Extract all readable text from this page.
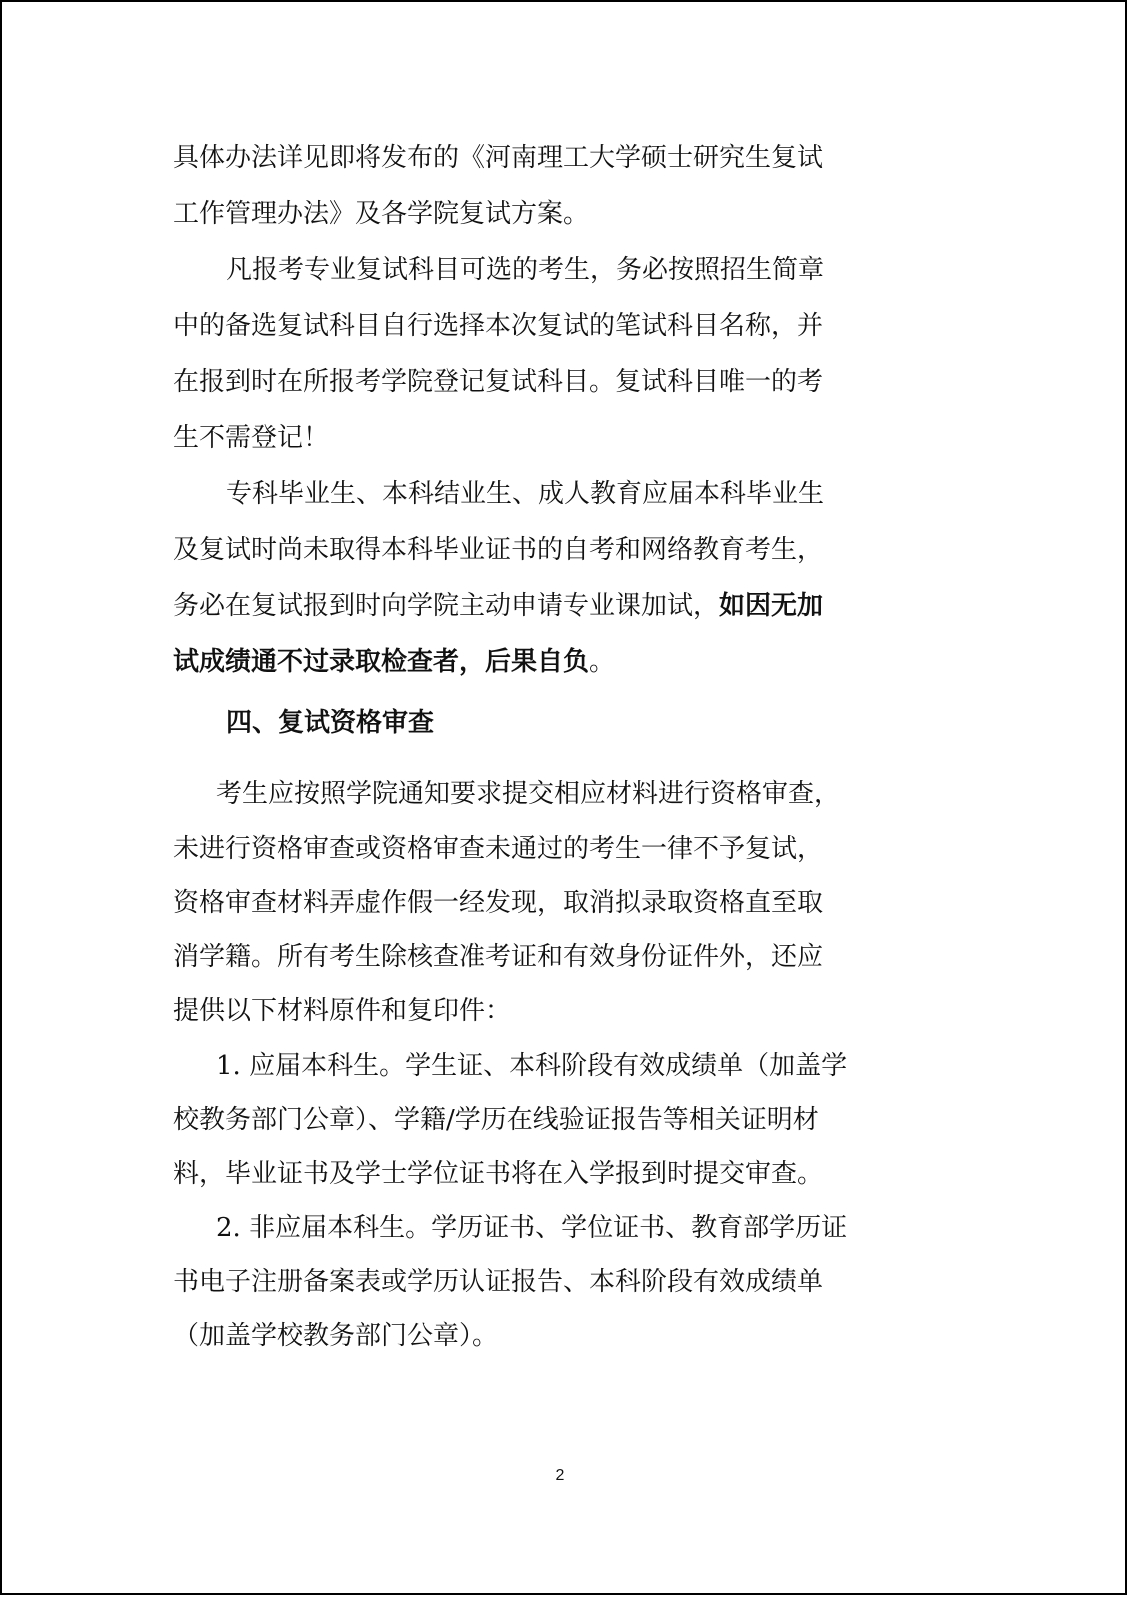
具体办法详见即将发布的《河南理工大学硕士研究生复试
工作管理办法》及各学院复试方案。
凡报考专业复试科目可选的考生，务必按照招生简章
中的备选复试科目自行选择本次复试的笔试科目名称，并
在报到时在所报考学院登记复试科目。复试科目唯一的考
生不需登记！
专科毕业生、本科结业生、成人教育应届本科毕业生
及复试时尚未取得本科毕业证书的自考和网络教育考生，
务必在复试报到时向学院主动申请专业课加试，如因无加
试成绩通不过录取检查者，后果自负。
四、复试资格审查
考生应按照学院通知要求提交相应材料进行资格审查，
未进行资格审查或资格审查未通过的考生一律不予复试，
资格审查材料弄虚作假一经发现，取消拟录取资格直至取
消学籍。所有考生除核查准考证和有效身份证件外，还应
提供以下材料原件和复印件：
1. 应届本科生。学生证、本科阶段有效成绩单（加盖学
校教务部门公章）、学籍/学历在线验证报告等相关证明材
料，毕业证书及学士学位证书将在入学报到时提交审查。
2. 非应届本科生。学历证书、学位证书、教育部学历证
书电子注册备案表或学历认证报告、本科阶段有效成绩单
（加盖学校教务部门公章）。
2
